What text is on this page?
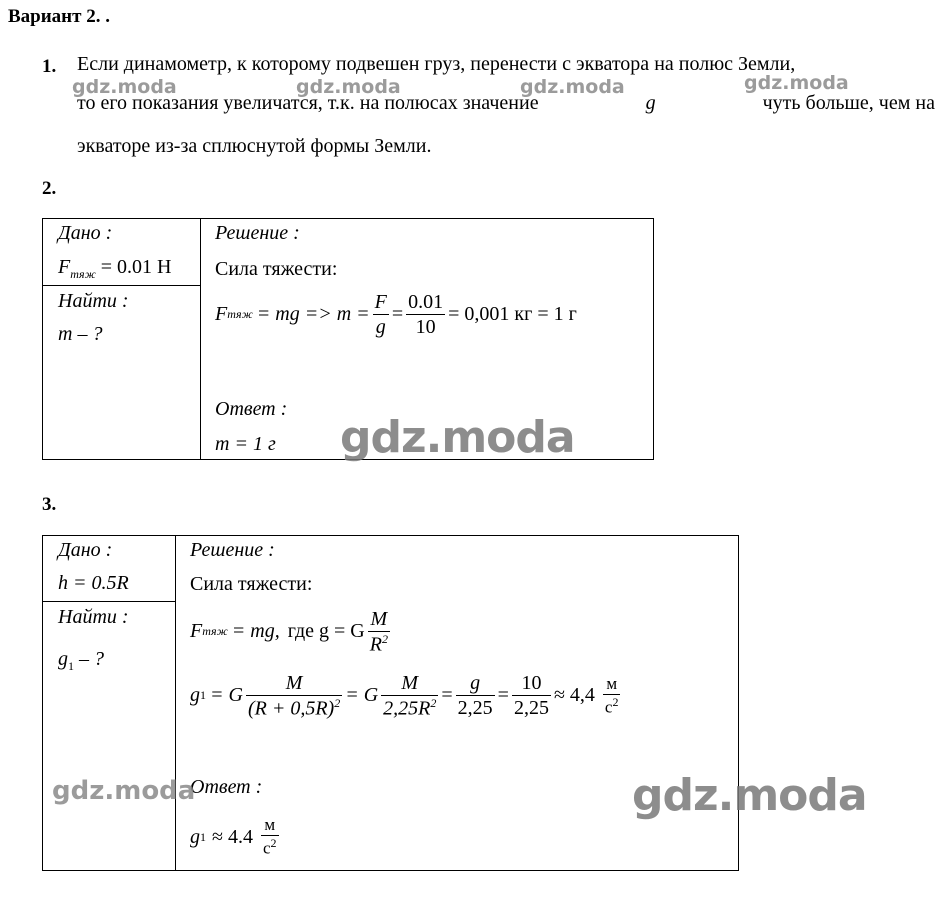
Вариант 2. .
1. Если динамометр, к которому подвешен груз, перенести с экватора на полюс Земли,
то его показания увеличатся, т.к. на полюсах значение	g	чуть больше, чем на
экваторе из-за сплюснутой формы Земли.
gdz.moda	gdz.moda	gdz.moda	gdz.moda
2.
Дано :
$F_{тяж} = 0.01$ Н
Найти :
m – ?
Решение :
Сила тяжести:
F тяж = mg => $m = \frac{F}{g} = \frac{0.01}{10} = 0,001$ кг = 1 г
Ответ :
m = 1 г gdz.moda
3.
Дано :
h = 0.5R
Найти :
$g_1$ – ?
Решение :
Сила тяжести:
F тяж = mg, где g = G $\frac{M}{R^2}$
g 1 = G $\frac{M}{(R + 0,5R)^2} = G \frac{M}{2,25R^2} = \frac{g}{2,25} = \frac{10}{2,25} \approx 4,4 \frac{м}{с^2}$
Ответ :
g $1 \approx 4.4 \frac{м}{с^2}$
gdz.moda	gdz.moda
